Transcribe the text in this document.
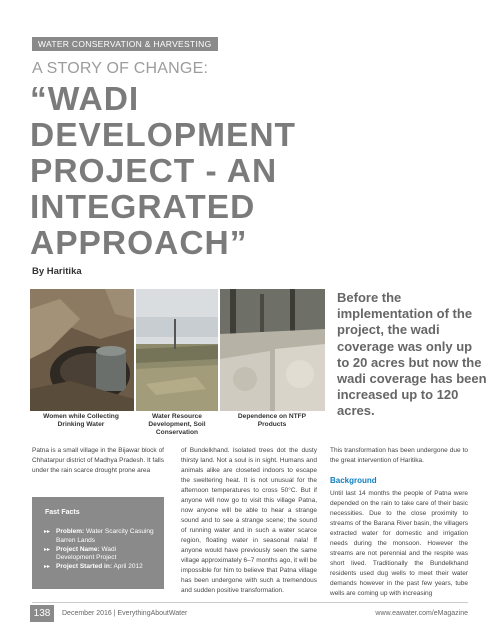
WATER CONSERVATION & HARVESTING
A STORY OF CHANGE:
“WADI
DEVELOPMENT
PROJECT - AN
INTEGRATED
APPROACH”
By Haritika
Women while Collecting Drinking Water
Water Resource Development, Soil Conservation
Dependence on NTFP Products
Before the implementation of the project, the wadi coverage was only up to 20 acres but now the wadi coverage has been increased up to 120 acres.

Patna is a small village in the Bijawar block of Chhatarpur district of Madhya Pradesh. It falls under the rain scarce drought prone area

Fast Facts
▸▸ Problem: Water Scarcity Casuing Barren Lands
▸▸ Project Name: Wadi Development Project
▸▸ Project Started in: April 2012

of Bundelkhand. Isolated trees dot the dusty thirsty land. Not a soul is in sight. Humans and animals alike are closeted indoors to escape the sweltering heat. It is not unusual for the afternoon temperatures to cross 50°C. But if anyone will now go to visit this village Patna, now anyone will be able to hear a strange sound and to see a strange scene; the sound of running water and in such a water scarce region, floating water in seasonal nala! If anyone would have previously seen the same village approximately 6–7 months ago, it will be impossible for him to believe that Patna village has been undergone with such a tremendous and sudden positive transformation.

This transformation has been undergone due to the great intervention of Haritika.

Background

Until last 14 months the people of Patna were depended on the rain to take care of their basic necessities. Due to the close proximity to streams of the Barana River basin, the villagers extracted water for domestic and irrigation needs during the monsoon. However the streams are not perennial and the respite was short lived. Traditionally the Bundelkhand residents used dug wells to meet their water demands however in the past few years, tube wells are coming up with increasing

138	December 2016 | EverythingAboutWater	www.eawater.com/eMagazine
